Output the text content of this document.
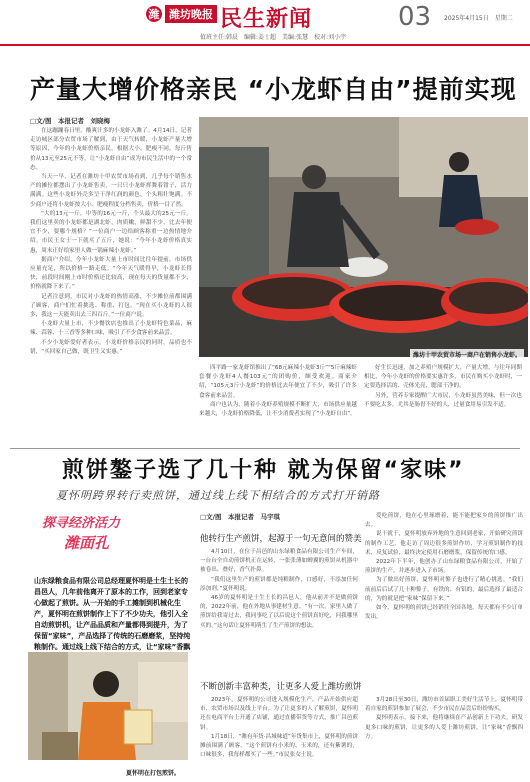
潍 潍坊晚报 民生新闻	03 2025年4月15日　星期二
值班主任:韩晨　编辑:姜士超　美编:张慧　校对:刘小宇
产量大增价格亲民 “小龙虾自由”提前实现
□文/图　本报记者　刘晓梅

在这蹦蹦春日里，酸爽汁多的小龙虾入潍了。4月14日，记者走访城区部分农贸市场了解到，由于天气转暖，小龙虾产量大增等原因，今年的小龙虾价格亲民，根据大小、肥瘦不同，每斤售价从13元至25元不等，让“小龙虾自由”成为市民生活中的一个常态。

当天一早，记者在潍坊十甲农贸市场看到，几乎每个销售水产的摊位都摆出了小龙虾售卖，一只只小龙虾挥舞着钳子，活力满满。这些小龙虾外壳多呈干净红润的颜色，个头粗壮饱满。不少商户还将小龙虾按大小、肥瘦程度分档售卖，价格一目了然。

“大的13元一斤，中等的16元一斤，个头最大的25元一斤。我们这里卖的小龙虾都是湖北虾，肉质嫩，鲜甜不少，比去年便宜不少，要哪个规格？”一位商户一边给顾客称重一边热情地介绍。市民王女士一下就买了五斤，她说：“今年小龙虾价格真实惠，周末正好给家里人做一锅麻辣小龙虾。”

据商户介绍，今年小龙虾大量上市时间比往年提前，市场供应量充足，所以价格一路走低。“今年天气暖得早，小龙虾长得快，前段时间刚上市时价格还比较高，现在每天的货量都不少，价格就降下来了。”

记者注意到，市民对小龙虾的热情高涨，不少摊位前都围满了顾客，商户们忙着挑选、称重、打包。“现在买小龙虾的人很多，我这一天能卖出去三四百斤。”一位商户说。

小龙虾大量上市，不少餐饮店也推出了小龙虾特色菜品，麻辣、蒜蓉、十三香等多种口味，吸引了不少食客前来品尝。

不少小龙虾爱好者表示，小龙虾价格亲民的同时，品质也不错，“买回家自己做，既卫生又实惠。”

潍坊十甲农贸市场一商户在销售小龙虾。

四平路一家龙虾馆推出了“68元麻辣小龙虾3斤”“5斤麻辣虾套餐小龙虾4人餐103元”的团购价，颇受欢迎。商家介绍，“105元3斤小龙虾”的价格比去年便宜了不少，吸引了许多食客前来品尝。

商户也认为，随着小龙虾养殖规模不断扩大，市场供应量越来越大，小龙虾价格降低，让不少消费者实现了“小龙虾自由”。

好生长迅速，加之养殖户规模扩大，产量大增，与往年同期相比，今年小龙虾的价格要实惠许多，市民在购买小龙虾时，一定要选择活的、壳体光亮、腮部干净的。

另外，营养专家提醒广大市民，小龙虾虽然美味，但一次也不要吃太多，尤其是肠胃不好的人，过量食用易引发不适。

煎饼鏊子选了几十种 就为保留“家味”
夏怀明跨界转行卖煎饼，通过线上线下相结合的方式打开销路
探寻经济活力
潍面孔
山东绿粮食品有限公司总经理夏怀明是土生土长的昌邑人，几年前他离开了原本的工作，回到老家专心做起了煎饼。从一开始的手工摊制到机械化生产，夏怀明在煎饼制作上下了不少功夫，他引入全自动煎饼机，让产品品质和产量都得到提升，为了保留“家味”，产品选择了传统的石磨磨浆，坚持纯粮制作。通过线上线下结合的方式，让“家味”香飘
夏怀明在打包煎饼。
□文/图　本报记者　马宇琪
他转行生产煎饼，起源于一句无意间的赞美

4月10日，在位于昌邑的山东绿粮食品有限公司生产车间，一台台全自动煎饼机正在运转，一张张薄如蝉翼的煎饼从机器中被卷出、叠好，香气扑鼻。

“我们这里生产的煎饼都是纯粮制作，口感好，不添加任何添加剂。”夏怀明说。

46岁的夏怀明是土生土长的昌邑人，他从前并不是做煎饼的，2022年前，他在外地从事建材生意。“有一次，家里人做了煎饼给我寄过去，我同事吃了以后说这个煎饼真好吃，问我哪里买的。”这句话让夏怀明萌生了生产煎饼的想法。

爱吃煎饼，他在心里琢磨着，能不能把家乡的煎饼推广出去。

说干就干，夏怀明放弃外地的生意回到老家，开始研究煎饼的制作工艺，他走访了周边很多煎饼作坊，学习煎饼制作的技术，反复试验，最终决定使用石磨磨浆，保留传统的口感。

2022年下半年，他创办了山东绿粮食品有限公司，开始了煎饼的生产，并逐步进入了市场。

为了做出好煎饼，夏怀明对鏊子也进行了精心挑选。“我们前前后后试了几十种鏊子，有铁的、有铝的，最后选择了最适合的，为的就是把“家味”保留下来。”

如今，夏怀明的煎饼已经销往全国各地，每天都有不少订单发出。

不断创新丰富种类，让更多人爱上潍坊煎饼

2023年，夏怀明的公司进入规模化生产，产品开始供应超市、农贸市场以及线上平台。为了让更多的人了解煎饼，夏怀明还在电商平台上开通了店铺，通过直播带货等方式，推广昌邑煎饼。

1月18日，“潍有年货·昌城味道”年货集市上，夏怀明的煎饼摊前围满了顾客。“这个煎饼有小米的、玉米的，还有紫薯的，口味很多，我每样都买了一些。”市民张女士说。

3月28日至30日，潍坊市首届职工美好生活节上，夏怀明带着自家的煎饼参加了展会，不少市民在品尝后纷纷购买。

夏怀明表示，接下来，他将继续在产品创新上下功夫，研发更多口味的煎饼，让更多的人爱上潍坊煎饼，让“家味”香飘四方。
